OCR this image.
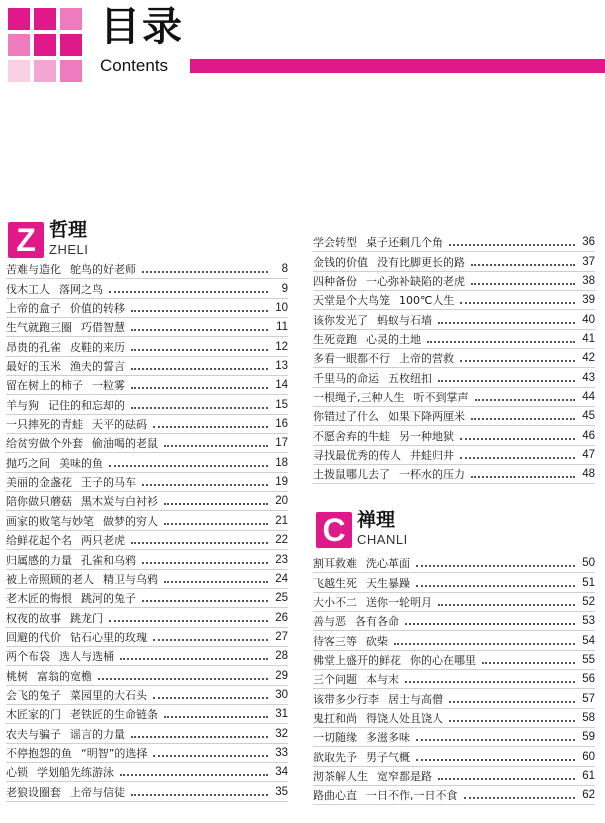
目录
Contents
Z 哲理
ZHELI
苦难与造化 鸵鸟的好老师	8
伐木工人 落网之鸟	9
上帝的盒子 价值的转移	10
生气就跑三圈 巧借智慧	11
昂贵的孔雀 皮鞋的来历	12
最好的玉米 渔夫的誓言	13
留在树上的柿子 一粒雾	14
羊与狗 记住的和忘却的	15
一只摔死的青蛙 天平的砝码	16
给贫穷做个外套 偷油喝的老鼠	17
抛巧之间 美味的鱼	18
美丽的金盏花 王子的马车	19
陪你做只蘑菇 黑木炭与白衬衫	20
画家的败笔与妙笔 做梦的穷人	21
给鲜花起个名 两只老虎	22
归属感的力量 孔雀和乌鸦	23
被上帝照顾的老人 精卫与乌鸦	24
老木匠的悔恨 跳河的兔子	25
权夜的故事 跳龙门	26
回避的代价 钻石心里的玫瑰	27
两个布袋 选人与选桶	28
桃树 富翁的宽檐	29
会飞的兔子 菜园里的大石头	30
木匠家的门 老铁匠的生命链条	31
农夫与骗子 谣言的力量	32
不停抱怨的鱼 “明智”的选择	33
心锁 学划船先练游泳	34
老狼设圈套 上帝与信徒	35
学会转型 桌子还剩几个角	36
金钱的价值 没有比脚更长的路	37
四种备份 一心弥补缺陷的老虎	38
天堂是个大鸟笼 100℃人生	39
该你发光了 蚂蚁与石墙	40
生死竞跑 心灵的土地	41
多看一眼都不行 上帝的营救	42
千里马的命运 五枚纽扣	43
一根绳子,三种人生 听不到掌声	44
你错过了什么 如果下降两厘米	45
不愿舍弃的牛蛙 另一种地狱	46
寻找最优秀的传人 井蛙归井	47
土拨鼠哪儿去了 一杯水的压力	48
C 禅理
CHANLI
割耳救难 洗心革面	50
飞越生死 天生暴躁	51
大小不二 送你一轮明月	52
善与恶 各有各命	53
待客三等 砍柴	54
佛堂上盛开的鲜花 你的心在哪里	55
三个问题 本与末	56
该带多少行李 居士与高僧	57
鬼扛和尚 得饶人处且饶人	58
一切随缘 多滋多味	59
欲取先予 男子气概	60
沏茶解人生 宽窄都是路	61
路曲心直 一日不作,一日不食	62
